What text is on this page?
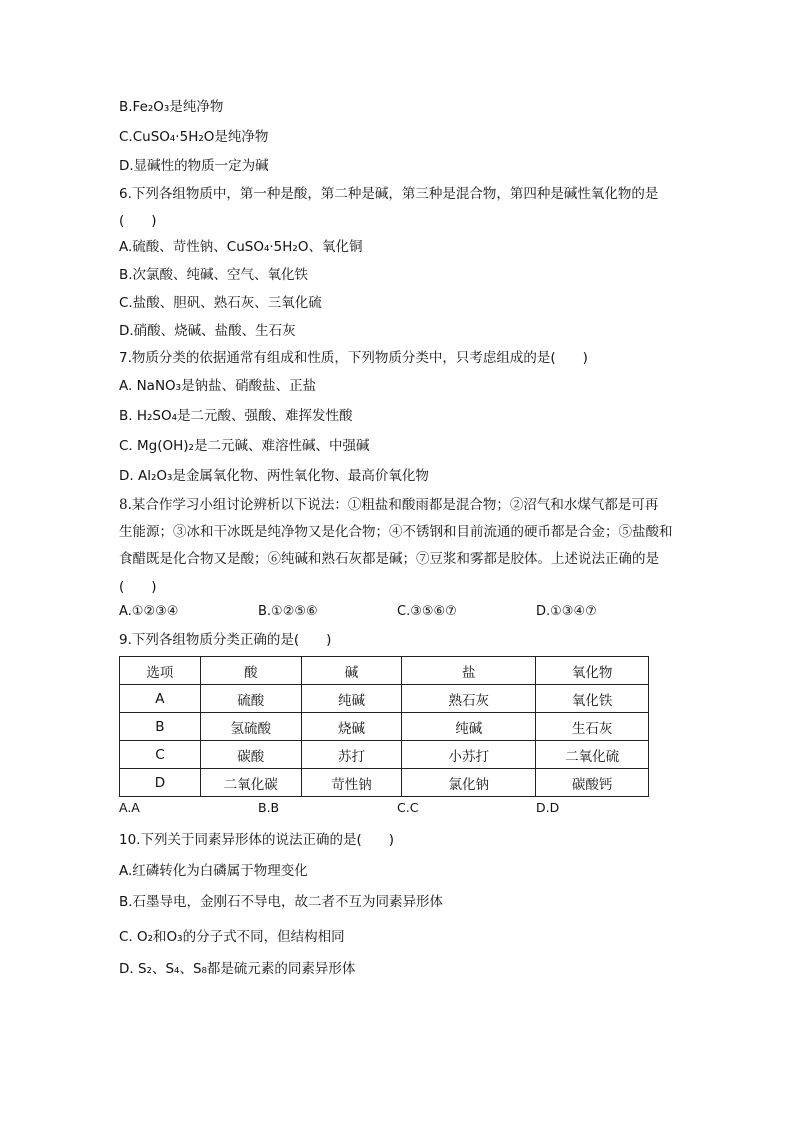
B.Fe₂O₃是纯净物
C.CuSO₄·5H₂O是纯净物
D.显碱性的物质一定为碱
6.下列各组物质中，第一种是酸，第二种是碱，第三种是混合物，第四种是碱性氧化物的是
(　　)
A.硫酸、苛性钠、CuSO₄·5H₂O、氧化铜
B.次氯酸、纯碱、空气、氧化铁
C.盐酸、胆矾、熟石灰、三氧化硫
D.硝酸、烧碱、盐酸、生石灰
7.物质分类的依据通常有组成和性质，下列物质分类中，只考虑组成的是(　　)
A. NaNO₃是钠盐、硝酸盐、正盐
B. H₂SO₄是二元酸、强酸、难挥发性酸
C. Mg(OH)₂是二元碱、难溶性碱、中强碱
D. Al₂O₃是金属氧化物、两性氧化物、最高价氧化物
8.某合作学习小组讨论辨析以下说法：①粗盐和酸雨都是混合物；②沼气和水煤气都是可再
生能源；③冰和干冰既是纯净物又是化合物；④不锈钢和目前流通的硬币都是合金；⑤盐酸和
食醋既是化合物又是酸；⑥纯碱和熟石灰都是碱；⑦豆浆和雾都是胶体。上述说法正确的是
(　　)
A.①②③④	B.①②⑤⑥	C.③⑤⑥⑦	D.①③④⑦
9.下列各组物质分类正确的是(　　)
选项	酸	碱	盐	氧化物
A	硫酸	纯碱	熟石灰	氧化铁
B	氢硫酸	烧碱	纯碱	生石灰
C	碳酸	苏打	小苏打	二氧化硫
D	二氧化碳	苛性钠	氯化钠	碳酸钙
A.A	B.B	C.C	D.D
10.下列关于同素异形体的说法正确的是(　　)
A.红磷转化为白磷属于物理变化
B.石墨导电，金刚石不导电，故二者不互为同素异形体
C. O₂和O₃的分子式不同，但结构相同
D. S₂、S₄、S₈都是硫元素的同素异形体
